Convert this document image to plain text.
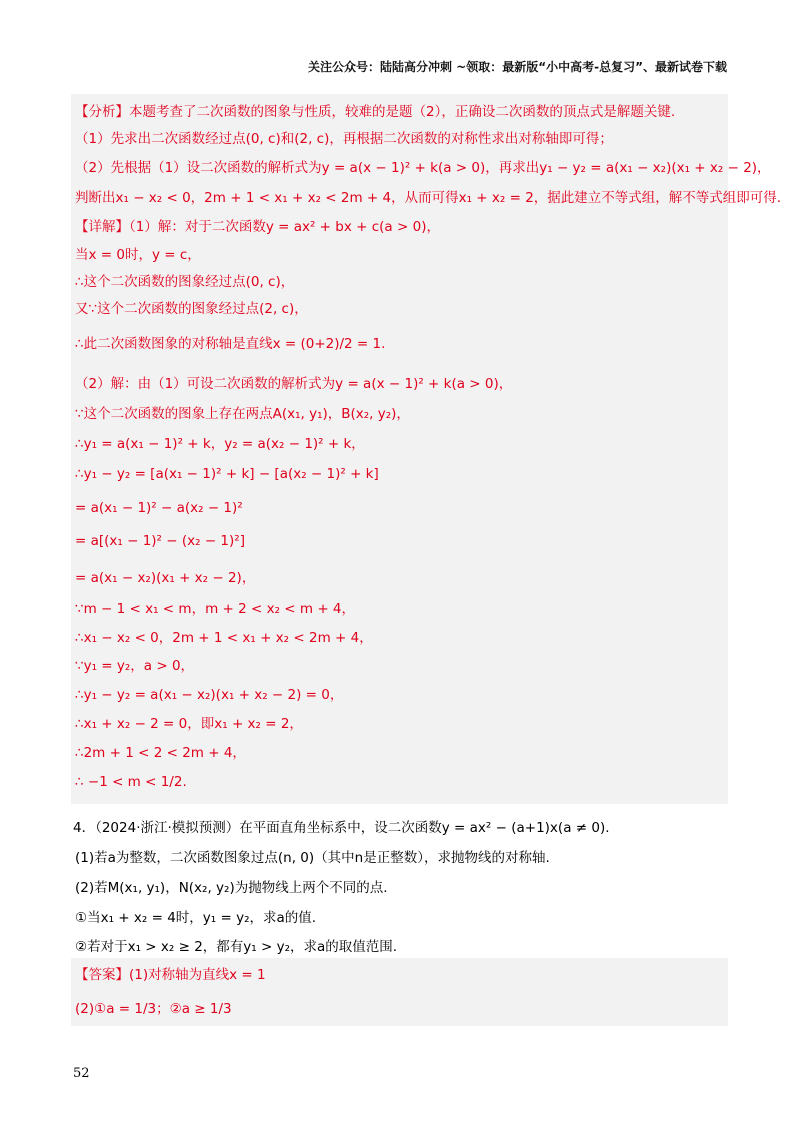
关注公众号：陆陆高分冲刺 ~领取：最新版“小中高考-总复习”、最新试卷下载
【分析】本题考查了二次函数的图象与性质，较难的是题（2），正确设二次函数的顶点式是解题关键.
（1）先求出二次函数经过点(0, c)和(2, c)，再根据二次函数的对称性求出对称轴即可得；
（2）先根据（1）设二次函数的解析式为y = a(x − 1)² + k(a > 0)，再求出y₁ − y₂ = a(x₁ − x₂)(x₁ + x₂ − 2)，
判断出x₁ − x₂ < 0，2m + 1 < x₁ + x₂ < 2m + 4，从而可得x₁ + x₂ = 2，据此建立不等式组，解不等式组即可得.
【详解】（1）解：对于二次函数y = ax² + bx + c(a > 0)，
当x = 0时，y = c，
∴这个二次函数的图象经过点(0, c)，
又∵这个二次函数的图象经过点(2, c)，
∴此二次函数图象的对称轴是直线x = (0+2)/2 = 1.
（2）解：由（1）可设二次函数的解析式为y = a(x − 1)² + k(a > 0)，
∵这个二次函数的图象上存在两点A(x₁, y₁)，B(x₂, y₂)，
∴y₁ = a(x₁ − 1)² + k，y₂ = a(x₂ − 1)² + k，
∴y₁ − y₂ = [a(x₁ − 1)² + k] − [a(x₂ − 1)² + k]
= a(x₁ − 1)² − a(x₂ − 1)²
= a[(x₁ − 1)² − (x₂ − 1)²]
= a(x₁ − x₂)(x₁ + x₂ − 2)，
∵m − 1 < x₁ < m，m + 2 < x₂ < m + 4，
∴x₁ − x₂ < 0，2m + 1 < x₁ + x₂ < 2m + 4，
∵y₁ = y₂，a > 0，
∴y₁ − y₂ = a(x₁ − x₂)(x₁ + x₂ − 2) = 0，
∴x₁ + x₂ − 2 = 0，即x₁ + x₂ = 2，
∴2m + 1 < 2 < 2m + 4，
∴ −1 < m < 1/2.
4．（2024·浙江·模拟预测）在平面直角坐标系中，设二次函数y = ax² − (a+1)x(a ≠ 0).
(1)若a为整数，二次函数图象过点(n, 0)（其中n是正整数），求抛物线的对称轴.
(2)若M(x₁, y₁)，N(x₂, y₂)为抛物线上两个不同的点.
①当x₁ + x₂ = 4时，y₁ = y₂，求a的值.
②若对于x₁ > x₂ ≥ 2，都有y₁ > y₂，求a的取值范围.
【答案】(1)对称轴为直线x = 1
(2)①a = 1/3；②a ≥ 1/3
52
